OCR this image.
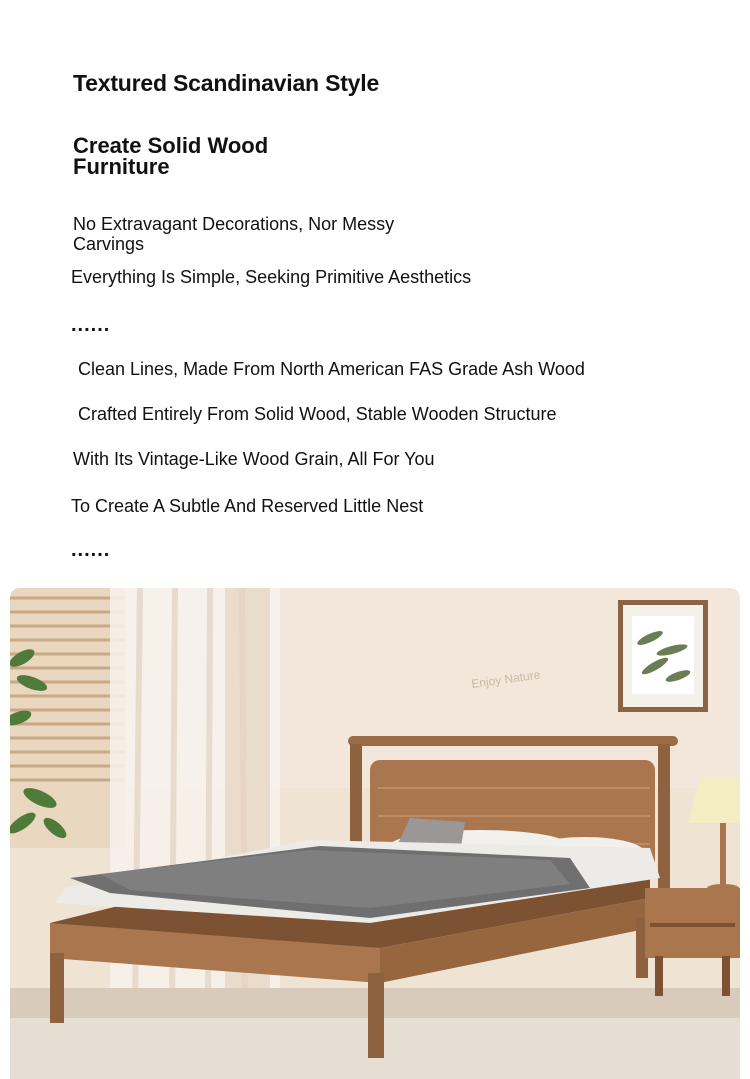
Textured Scandinavian Style
Create Solid Wood
Furniture
No Extravagant Decorations, Nor Messy
Carvings
Everything Is Simple, Seeking Primitive Aesthetics
......
Clean Lines, Made From North American FAS Grade Ash Wood
Crafted Entirely From Solid Wood, Stable Wooden Structure
With Its Vintage-Like Wood Grain, All For You
To Create A Subtle And Reserved Little Nest
......
Enjoy Nature
